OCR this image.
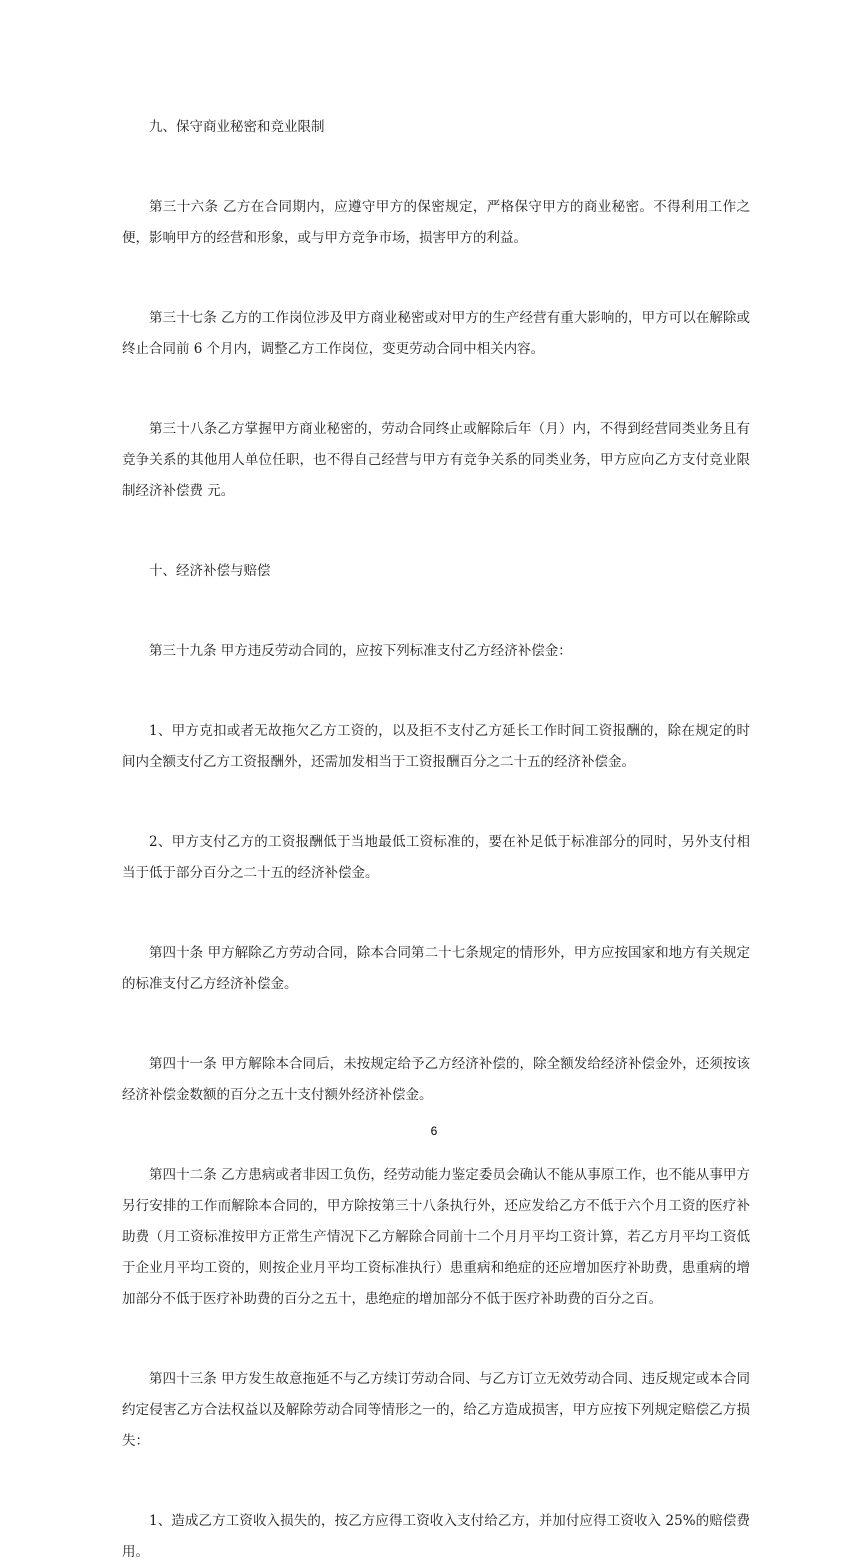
九、保守商业秘密和竞业限制

第三十六条 乙方在合同期内，应遵守甲方的保密规定，严格保守甲方的商业秘密。不得利用工作之便，影响甲方的经营和形象，或与甲方竞争市场，损害甲方的利益。

第三十七条 乙方的工作岗位涉及甲方商业秘密或对甲方的生产经营有重大影响的，甲方可以在解除或终止合同前 6 个月内，调整乙方工作岗位，变更劳动合同中相关内容。

第三十八条乙方掌握甲方商业秘密的，劳动合同终止或解除后年（月）内，不得到经营同类业务且有竞争关系的其他用人单位任职，也不得自己经营与甲方有竞争关系的同类业务，甲方应向乙方支付竞业限制经济补偿费 元。

十、经济补偿与赔偿

第三十九条 甲方违反劳动合同的，应按下列标准支付乙方经济补偿金：

1、甲方克扣或者无故拖欠乙方工资的，以及拒不支付乙方延长工作时间工资报酬的，除在规定的时间内全额支付乙方工资报酬外，还需加发相当于工资报酬百分之二十五的经济补偿金。

2、甲方支付乙方的工资报酬低于当地最低工资标准的，要在补足低于标准部分的同时，另外支付相当于低于部分百分之二十五的经济补偿金。

第四十条 甲方解除乙方劳动合同，除本合同第二十七条规定的情形外，甲方应按国家和地方有关规定的标准支付乙方经济补偿金。

第四十一条 甲方解除本合同后，未按规定给予乙方经济补偿的，除全额发给经济补偿金外，还须按该经济补偿金数额的百分之五十支付额外经济补偿金。

第四十二条 乙方患病或者非因工负伤，经劳动能力鉴定委员会确认不能从事原工作，也不能从事甲方另行安排的工作而解除本合同的，甲方除按第三十八条执行外，还应发给乙方不低于六个月工资的医疗补助费（月工资标准按甲方正常生产情况下乙方解除合同前十二个月月平均工资计算，若乙方月平均工资低于企业月平均工资的，则按企业月平均工资标准执行）患重病和绝症的还应增加医疗补助费，患重病的增加部分不低于医疗补助费的百分之五十，患绝症的增加部分不低于医疗补助费的百分之百。

第四十三条 甲方发生故意拖延不与乙方续订劳动合同、与乙方订立无效劳动合同、违反规定或本合同约定侵害乙方合法权益以及解除劳动合同等情形之一的，给乙方造成损害，甲方应按下列规定赔偿乙方损失：

1、造成乙方工资收入损失的，按乙方应得工资收入支付给乙方，并加付应得工资收入 25%的赔偿费用。

6
